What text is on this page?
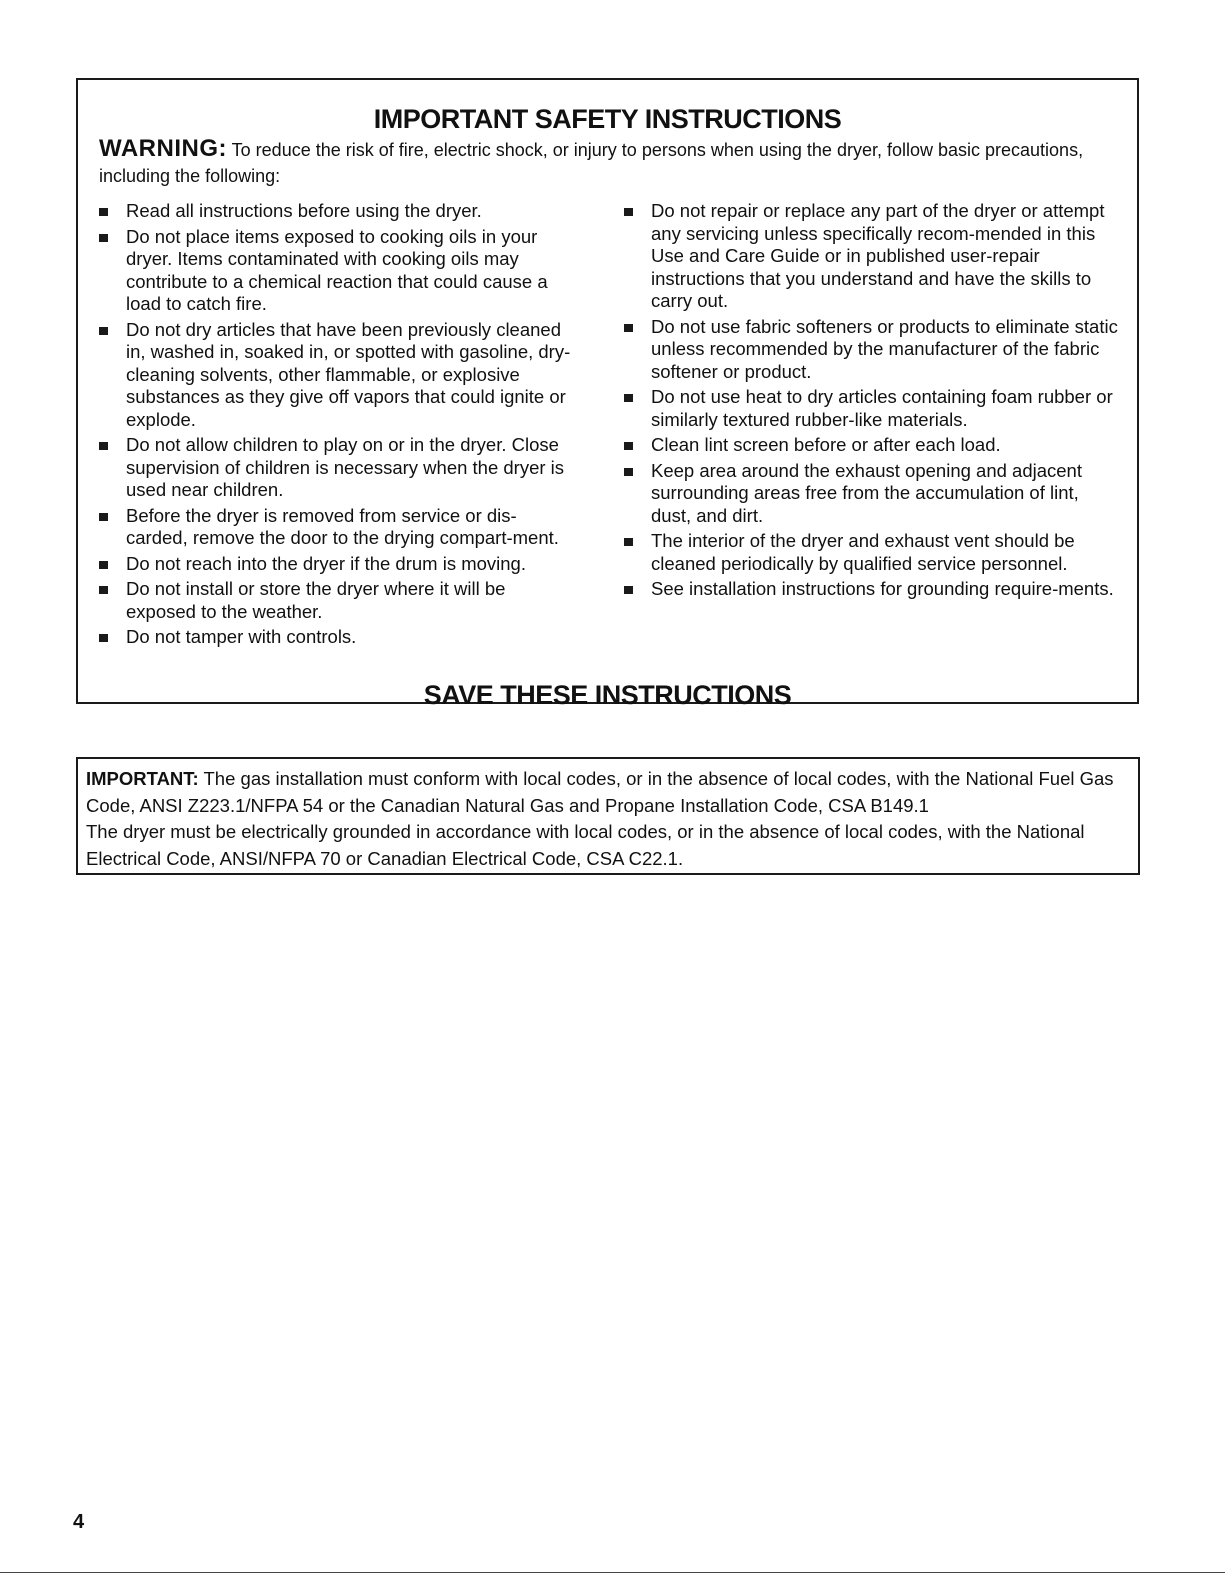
IMPORTANT SAFETY INSTRUCTIONS

WARNING: To reduce the risk of fire, electric shock, or injury to persons when using the dryer, follow basic precautions, including the following:

Read all instructions before using the dryer.
Do not place items exposed to cooking oils in your dryer. Items contaminated with cooking oils may contribute to a chemical reaction that could cause a load to catch fire.
Do not dry articles that have been previously cleaned in, washed in, soaked in, or spotted with gasoline, dry-cleaning solvents, other flammable, or explosive substances as they give off vapors that could ignite or explode.
Do not allow children to play on or in the dryer. Close supervision of children is necessary when the dryer is used near children.
Before the dryer is removed from service or dis-carded, remove the door to the drying compart-ment.
Do not reach into the dryer if the drum is moving.
Do not install or store the dryer where it will be exposed to the weather.
Do not tamper with controls.
Do not repair or replace any part of the dryer or attempt any servicing unless specifically recom-mended in this Use and Care Guide or in published user-repair instructions that you understand and have the skills to carry out.
Do not use fabric softeners or products to eliminate static unless recommended by the manufacturer of the fabric softener or product.
Do not use heat to dry articles containing foam rubber or similarly textured rubber-like materials.
Clean lint screen before or after each load.
Keep area around the exhaust opening and adjacent surrounding areas free from the accumulation of lint, dust, and dirt.
The interior of the dryer and exhaust vent should be cleaned periodically by qualified service personnel.
See installation instructions for grounding require-ments.
SAVE THESE INSTRUCTIONS

IMPORTANT: The gas installation must conform with local codes, or in the absence of local codes, with the National Fuel Gas Code, ANSI Z223.1/NFPA 54 or the Canadian Natural Gas and Propane Installation Code, CSA B149.1

The dryer must be electrically grounded in accordance with local codes, or in the absence of local codes, with the National Electrical Code, ANSI/NFPA 70 or Canadian Electrical Code, CSA C22.1.

4
